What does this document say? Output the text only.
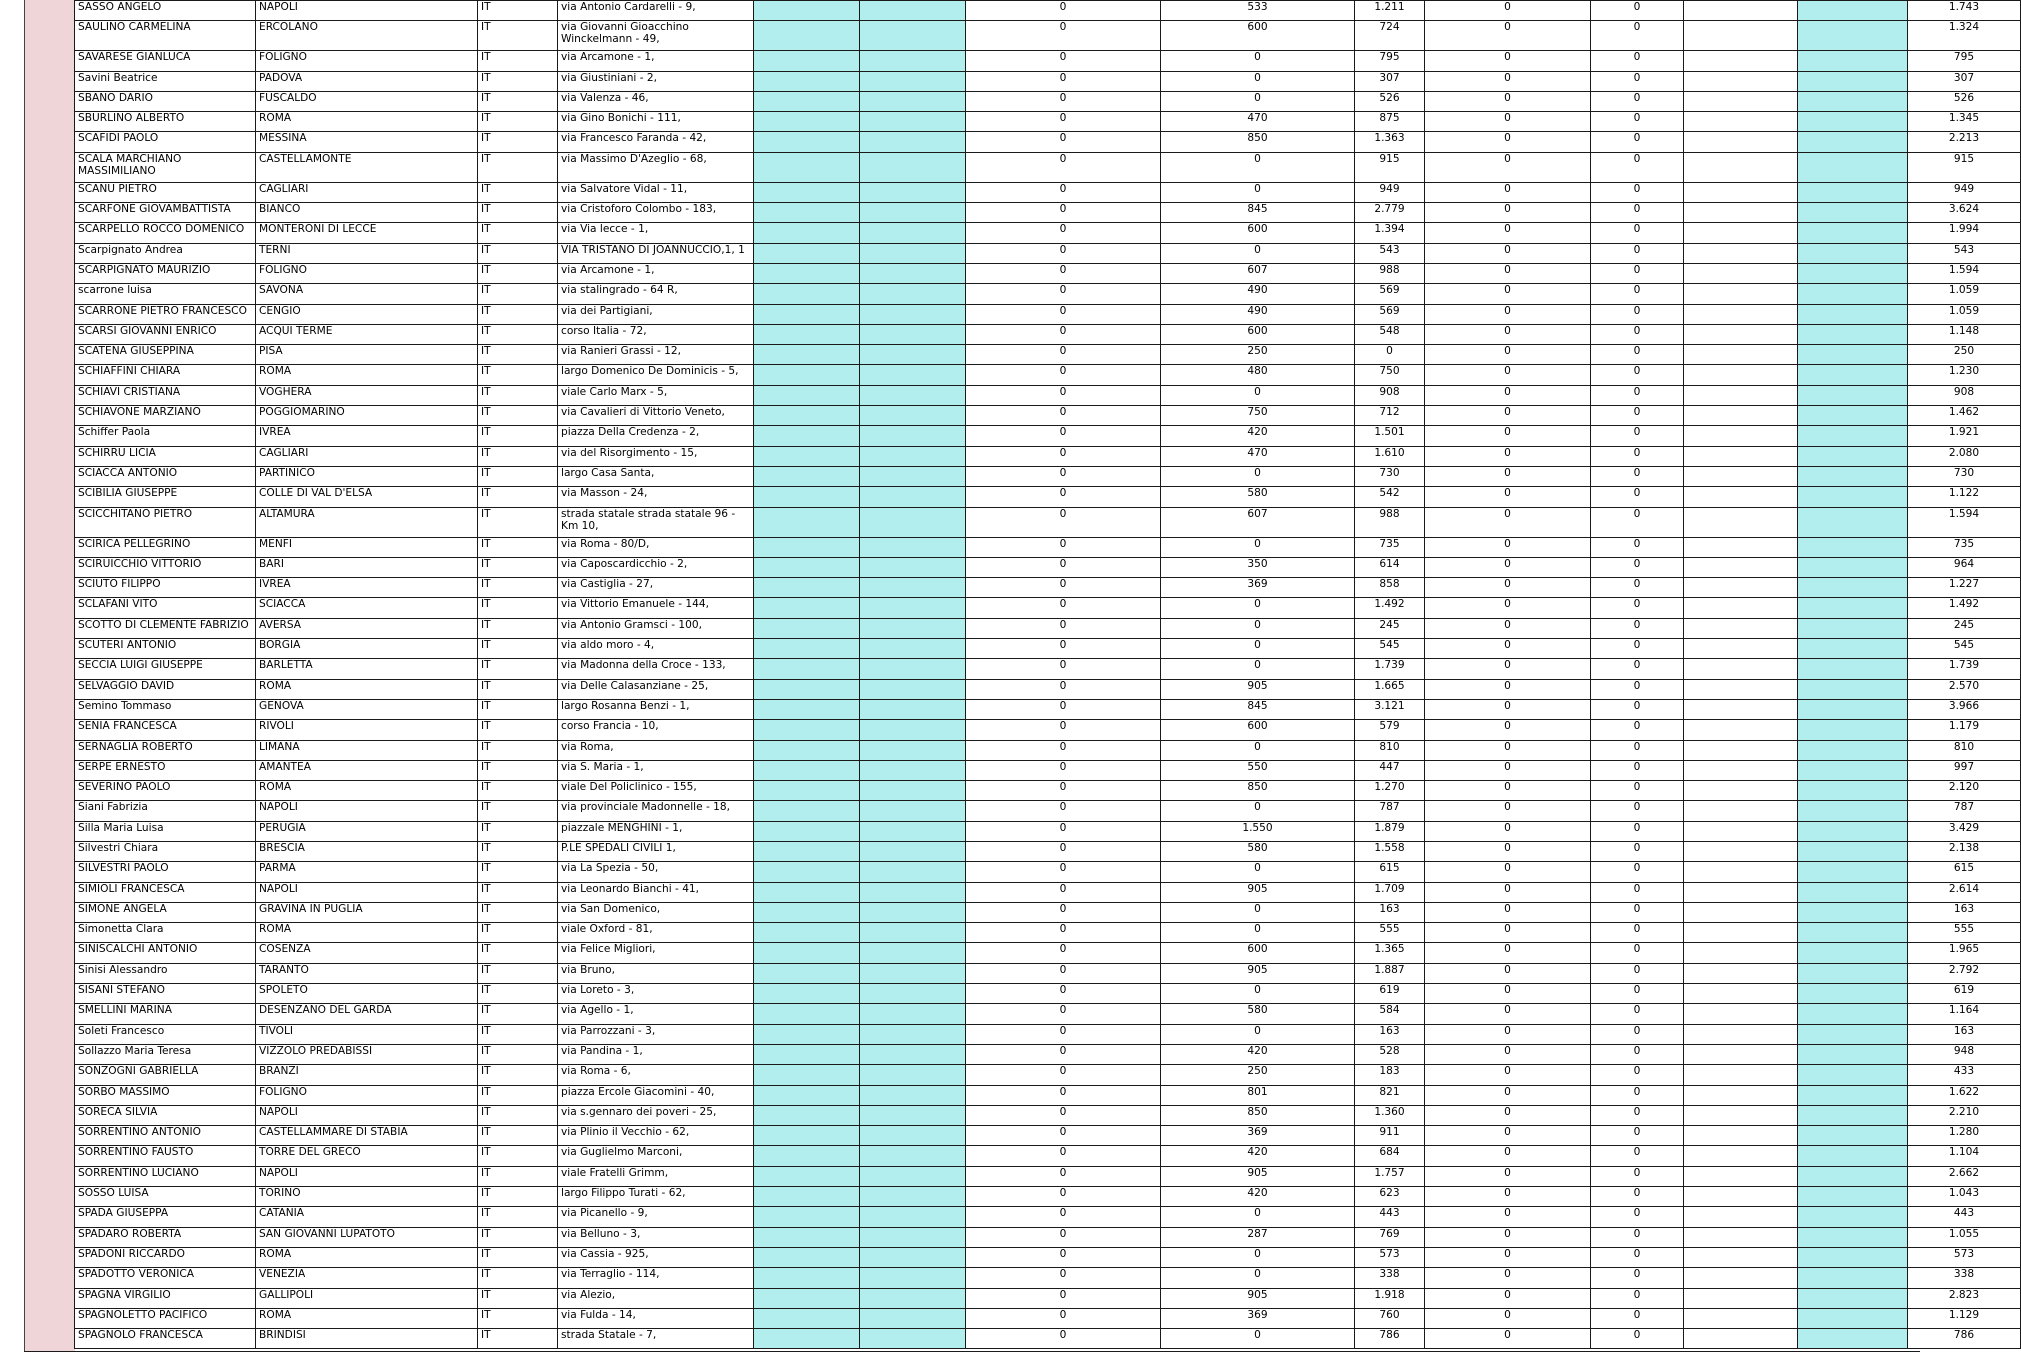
SASSO ANGELO	NAPOLI	IT	via Antonio Cardarelli - 9,			0	533	1.211	0	0			1.743
SAULINO CARMELINA	ERCOLANO	IT	via Giovanni Gioacchino Winckelmann - 49,			0	600	724	0	0			1.324
SAVARESE GIANLUCA	FOLIGNO	IT	via Arcamone - 1,			0	0	795	0	0			795
Savini Beatrice	PADOVA	IT	via Giustiniani - 2,			0	0	307	0	0			307
SBANO DARIO	FUSCALDO	IT	via Valenza - 46,			0	0	526	0	0			526
SBURLINO ALBERTO	ROMA	IT	via Gino Bonichi - 111,			0	470	875	0	0			1.345
SCAFIDI PAOLO	MESSINA	IT	via Francesco Faranda - 42,			0	850	1.363	0	0			2.213
SCALA MARCHIANO MASSIMILIANO	CASTELLAMONTE	IT	via Massimo D'Azeglio - 68,			0	0	915	0	0			915
SCANU PIETRO	CAGLIARI	IT	via Salvatore Vidal - 11,			0	0	949	0	0			949
SCARFONE GIOVAMBATTISTA	BIANCO	IT	via Cristoforo Colombo - 183,			0	845	2.779	0	0			3.624
SCARPELLO ROCCO DOMENICO	MONTERONI DI LECCE	IT	via Via lecce - 1,			0	600	1.394	0	0			1.994
Scarpignato Andrea	TERNI	IT	VIA TRISTANO DI JOANNUCCIO,1, 1			0	0	543	0	0			543
SCARPIGNATO MAURIZIO	FOLIGNO	IT	via Arcamone - 1,			0	607	988	0	0			1.594
scarrone luisa	SAVONA	IT	via stalingrado - 64 R,			0	490	569	0	0			1.059
SCARRONE PIETRO FRANCESCO	CENGIO	IT	via dei Partigiani,			0	490	569	0	0			1.059
SCARSI GIOVANNI ENRICO	ACQUI TERME	IT	corso Italia - 72,			0	600	548	0	0			1.148
SCATENA GIUSEPPINA	PISA	IT	via Ranieri Grassi - 12,			0	250	0	0	0			250
SCHIAFFINI CHIARA	ROMA	IT	largo Domenico De Dominicis - 5,			0	480	750	0	0			1.230
SCHIAVI CRISTIANA	VOGHERA	IT	viale Carlo Marx - 5,			0	0	908	0	0			908
SCHIAVONE MARZIANO	POGGIOMARINO	IT	via Cavalieri di Vittorio Veneto,			0	750	712	0	0			1.462
Schiffer Paola	IVREA	IT	piazza Della Credenza - 2,			0	420	1.501	0	0			1.921
SCHIRRU LICIA	CAGLIARI	IT	via del Risorgimento - 15,			0	470	1.610	0	0			2.080
SCIACCA ANTONIO	PARTINICO	IT	largo Casa Santa,			0	0	730	0	0			730
SCIBILIA GIUSEPPE	COLLE DI VAL D'ELSA	IT	via Masson - 24,			0	580	542	0	0			1.122
SCICCHITANO PIETRO	ALTAMURA	IT	strada statale strada statale 96 - Km 10,			0	607	988	0	0			1.594
SCIRICA PELLEGRINO	MENFI	IT	via Roma - 80/D,			0	0	735	0	0			735
SCIRUICCHIO VITTORIO	BARI	IT	via Caposcardicchio - 2,			0	350	614	0	0			964
SCIUTO FILIPPO	IVREA	IT	via Castiglia - 27,			0	369	858	0	0			1.227
SCLAFANI VITO	SCIACCA	IT	via Vittorio Emanuele - 144,			0	0	1.492	0	0			1.492
SCOTTO DI CLEMENTE FABRIZIO	AVERSA	IT	via Antonio Gramsci - 100,			0	0	245	0	0			245
SCUTERI ANTONIO	BORGIA	IT	via aldo moro - 4,			0	0	545	0	0			545
SECCIA LUIGI GIUSEPPE	BARLETTA	IT	via Madonna della Croce - 133,			0	0	1.739	0	0			1.739
SELVAGGIO DAVID	ROMA	IT	via Delle Calasanziane - 25,			0	905	1.665	0	0			2.570
Semino Tommaso	GENOVA	IT	largo Rosanna Benzi - 1,			0	845	3.121	0	0			3.966
SENIA FRANCESCA	RIVOLI	IT	corso Francia - 10,			0	600	579	0	0			1.179
SERNAGLIA ROBERTO	LIMANA	IT	via Roma,			0	0	810	0	0			810
SERPE ERNESTO	AMANTEA	IT	via S. Maria - 1,			0	550	447	0	0			997
SEVERINO PAOLO	ROMA	IT	viale Del Policlinico - 155,			0	850	1.270	0	0			2.120
Siani Fabrizia	NAPOLI	IT	via provinciale Madonnelle - 18,			0	0	787	0	0			787
Silla Maria Luisa	PERUGIA	IT	piazzale MENGHINI - 1,			0	1.550	1.879	0	0			3.429
Silvestri Chiara	BRESCIA	IT	P.LE SPEDALI CIVILI 1,			0	580	1.558	0	0			2.138
SILVESTRI PAOLO	PARMA	IT	via La Spezia - 50,			0	0	615	0	0			615
SIMIOLI FRANCESCA	NAPOLI	IT	via Leonardo Bianchi - 41,			0	905	1.709	0	0			2.614
SIMONE ANGELA	GRAVINA IN PUGLIA	IT	via San Domenico,			0	0	163	0	0			163
Simonetta Clara	ROMA	IT	viale Oxford - 81,			0	0	555	0	0			555
SINISCALCHI ANTONIO	COSENZA	IT	via Felice Migliori,			0	600	1.365	0	0			1.965
Sinisi Alessandro	TARANTO	IT	via Bruno,			0	905	1.887	0	0			2.792
SISANI STEFANO	SPOLETO	IT	via Loreto - 3,			0	0	619	0	0			619
SMELLINI MARINA	DESENZANO DEL GARDA	IT	via Agello - 1,			0	580	584	0	0			1.164
Soleti Francesco	TIVOLI	IT	via Parrozzani - 3,			0	0	163	0	0			163
Sollazzo Maria Teresa	VIZZOLO PREDABISSI	IT	via Pandina - 1,			0	420	528	0	0			948
SONZOGNI GABRIELLA	BRANZI	IT	via Roma - 6,			0	250	183	0	0			433
SORBO MASSIMO	FOLIGNO	IT	piazza Ercole Giacomini - 40,			0	801	821	0	0			1.622
SORECA SILVIA	NAPOLI	IT	via s.gennaro dei poveri - 25,			0	850	1.360	0	0			2.210
SORRENTINO ANTONIO	CASTELLAMMARE DI STABIA	IT	via Plinio il Vecchio - 62,			0	369	911	0	0			1.280
SORRENTINO FAUSTO	TORRE DEL GRECO	IT	via Guglielmo Marconi,			0	420	684	0	0			1.104
SORRENTINO LUCIANO	NAPOLI	IT	viale Fratelli Grimm,			0	905	1.757	0	0			2.662
SOSSO LUISA	TORINO	IT	largo Filippo Turati - 62,			0	420	623	0	0			1.043
SPADA GIUSEPPA	CATANIA	IT	via Picanello - 9,			0	0	443	0	0			443
SPADARO ROBERTA	SAN GIOVANNI LUPATOTO	IT	via Belluno - 3,			0	287	769	0	0			1.055
SPADONI RICCARDO	ROMA	IT	via Cassia - 925,			0	0	573	0	0			573
SPADOTTO VERONICA	VENEZIA	IT	via Terraglio - 114,			0	0	338	0	0			338
SPAGNA VIRGILIO	GALLIPOLI	IT	via Alezio,			0	905	1.918	0	0			2.823
SPAGNOLETTO PACIFICO	ROMA	IT	via Fulda - 14,			0	369	760	0	0			1.129
SPAGNOLO FRANCESCA	BRINDISI	IT	strada Statale - 7,			0	0	786	0	0			786
